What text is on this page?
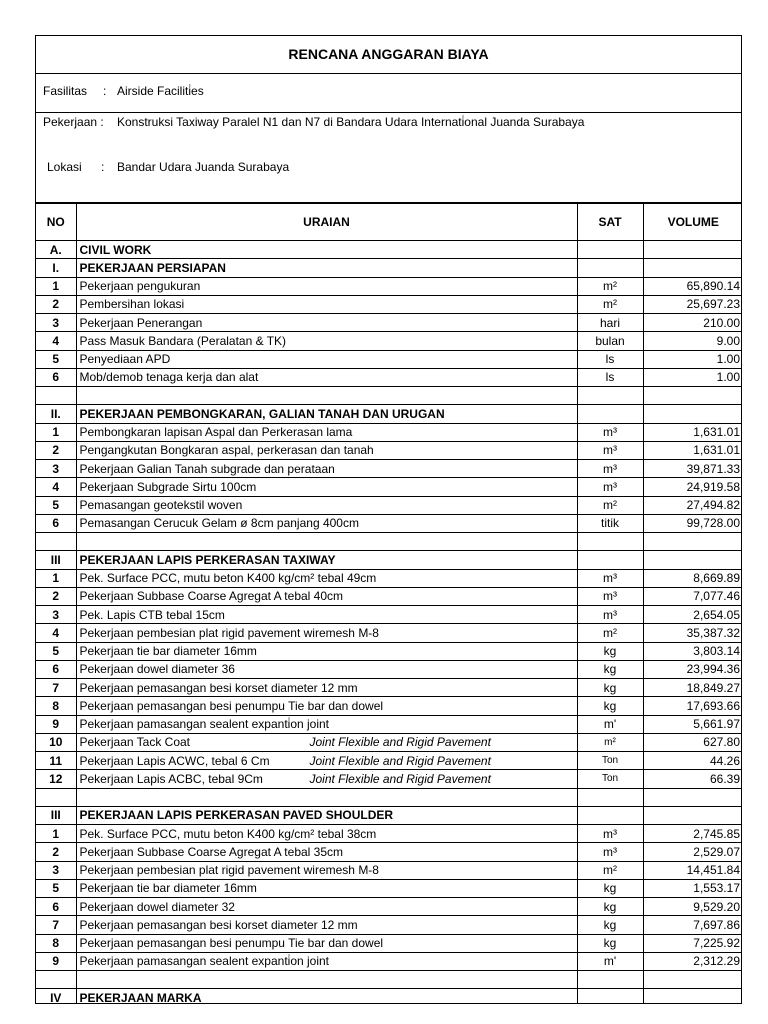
RENCANA ANGGARAN BIAYA
Fasilitas : Airside Faciliti̇es
Pekerjaan : Konstruksi Taxiway Paralel N1 dan N7 di Bandara Udara Internati̇onal Juanda Surabaya
Lokasi : Bandar Udara Juanda Surabaya
NO	URAIAN	SAT	VOLUME
A.	CIVIL WORK		
I.	PEKERJAAN PERSIAPAN		
1	Pekerjaan pengukuran	m²	65,890.14
2	Pembersihan lokasi	m²	25,697.23
3	Pekerjaan Penerangan	hari	210.00
4	Pass Masuk Bandara (Peralatan & TK)	bulan	9.00
5	Penyediaan APD	ls	1.00
6	Mob/demob tenaga kerja dan alat	ls	1.00

II.	PEKERJAAN PEMBONGKARAN, GALIAN TANAH DAN URUGAN		
1	Pembongkaran lapisan Aspal dan Perkerasan lama	m³	1,631.01
2	Pengangkutan Bongkaran aspal, perkerasan dan tanah	m³	1,631.01
3	Pekerjaan Galian Tanah subgrade dan perataan	m³	39,871.33
4	Pekerjaan Subgrade Sirtu 100cm	m³	24,919.58
5	Pemasangan geotekstil woven	m²	27,494.82
6	Pemasangan Cerucuk Gelam ø 8cm panjang 400cm	titik	99,728.00

III	PEKERJAAN LAPIS PERKERASAN TAXIWAY		
1	Pek. Surface PCC, mutu beton K400 kg/cm² tebal 49cm	m³	8,669.89
2	Pekerjaan Subbase Coarse Agregat A tebal 40cm	m³	7,077.46
3	Pek. Lapis CTB tebal 15cm	m³	2,654.05
4	Pekerjaan pembesian plat rigid pavement wiremesh M-8	m²	35,387.32
5	Pekerjaan tie bar diameter 16mm	kg	3,803.14
6	Pekerjaan dowel diameter 36	kg	23,994.36
7	Pekerjaan pemasangan besi korset diameter 12 mm	kg	18,849.27
8	Pekerjaan pemasangan besi penumpu Tie bar dan dowel	kg	17,693.66
9	Pekerjaan pamasangan sealent expanti̇on joint	m'	5,661.97
10	Pekerjaan Tack Coat Joint Flexible and Rigid Pavement	m²	627.80
11	Pekerjaan Lapis ACWC, tebal 6 Cm Joint Flexible and Rigid Pavement	Ton	44.26
12	Pekerjaan Lapis ACBC, tebal 9Cm Joint Flexible and Rigid Pavement	Ton	66.39

III	PEKERJAAN LAPIS PERKERASAN PAVED SHOULDER		
1	Pek. Surface PCC, mutu beton K400 kg/cm² tebal 38cm	m³	2,745.85
2	Pekerjaan Subbase Coarse Agregat A tebal 35cm	m³	2,529.07
3	Pekerjaan pembesian plat rigid pavement wiremesh M-8	m²	14,451.84
5	Pekerjaan tie bar diameter 16mm	kg	1,553.17
6	Pekerjaan dowel diameter 32	kg	9,529.20
7	Pekerjaan pemasangan besi korset diameter 12 mm	kg	7,697.86
8	Pekerjaan pemasangan besi penumpu Tie bar dan dowel	kg	7,225.92
9	Pekerjaan pamasangan sealent expanti̇on joint	m'	2,312.29

IV	PEKERJAAN MARKA		
